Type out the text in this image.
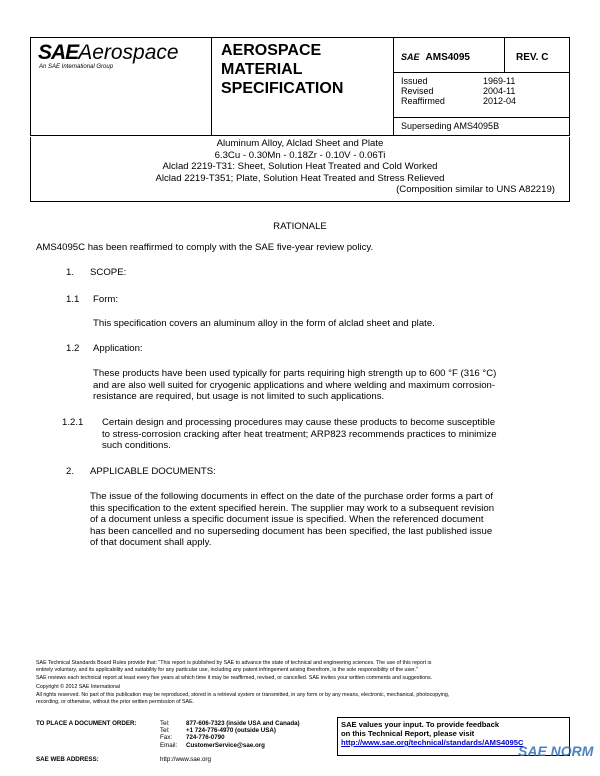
SAEAerospace
An SAE International Group
AEROSPACE
MATERIAL
SPECIFICATION
SAE AMS4095	REV. C
Issued	1969-11
Revised	2004-11
Reaffirmed	2012-04
Superseding AMS4095B
Aluminum Alloy, Alclad Sheet and Plate
6.3Cu - 0.30Mn - 0.18Zr - 0.10V - 0.06Ti
Alclad 2219-T31: Sheet, Solution Heat Treated and Cold Worked
Alclad 2219-T351; Plate, Solution Heat Treated and Stress Relieved
(Composition similar to UNS A82219)
RATIONALE
AMS4095C has been reaffirmed to comply with the SAE five-year review policy.
1. SCOPE:
1.1 Form:
This specification covers an aluminum alloy in the form of alclad sheet and plate.
1.2 Application:
These products have been used typically for parts requiring high strength up to 600 °F (316 °C)
and are also well suited for cryogenic applications and where welding and maximum corrosion-
resistance are required, but usage is not limited to such applications.
1.2.1 Certain design and processing procedures may cause these products to become susceptible
to stress-corrosion cracking after heat treatment; ARP823 recommends practices to minimize
such conditions.
2. APPLICABLE DOCUMENTS:
The issue of the following documents in effect on the date of the purchase order forms a part of
this specification to the extent specified herein. The supplier may work to a subsequent revision
of a document unless a specific document issue is specified. When the referenced document
has been cancelled and no superseding document has been specified, the last published issue
of that document shall apply.
SAE Technical Standards Board Rules provide that: "This report is published by SAE to advance the state of technical and engineering sciences. The use of this report is
entirely voluntary, and its applicability and suitability for any particular use, including any patent infringement arising therefrom, is the sole responsibility of the user."
SAE reviews each technical report at least every five years at which time it may be reaffirmed, revised, or cancelled. SAE invites your written comments and suggestions.
Copyright © 2012 SAE International
All rights reserved. No part of this publication may be reproduced, stored in a retrieval system or transmitted, in any form or by any means, electronic, mechanical, photocopying,
recording, or otherwise, without the prior written permission of SAE.
TO PLACE A DOCUMENT ORDER:	Tel:	877-606-7323 (inside USA and Canada)
Tel:	+1 724-776-4970 (outside USA)
Fax: 724-776-0790
Email: CustomerService@sae.org
SAE WEB ADDRESS:	http://www.sae.org
SAE values your input. To provide feedback
on this Technical Report, please visit
http://www.sae.org/technical/standards/AMS4095C
SAE NORM
